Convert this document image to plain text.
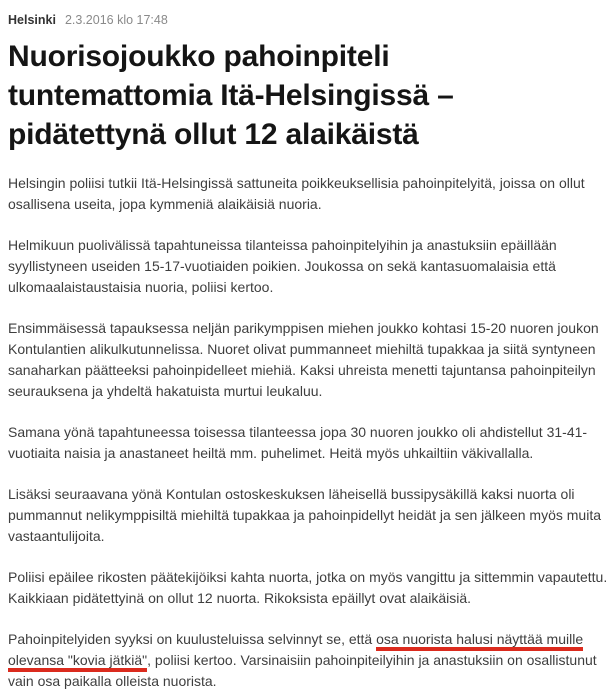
Helsinki 2.3.2016 klo 17:48
Nuorisojoukko pahoinpiteli tuntemattomia Itä-Helsingissä – pidätettynä ollut 12 alaikäistä

Helsingin poliisi tutkii Itä-Helsingissä sattuneita poikkeuksellisia pahoinpitelyitä, joissa on ollut osallisena useita, jopa kymmeniä alaikäisiä nuoria.

Helmikuun puolivälissä tapahtuneissa tilanteissa pahoinpitelyihin ja anastuksiin epäillään syyllistyneen useiden 15-17-vuotiaiden poikien. Joukossa on sekä kantasuomalaisia että ulkomaalaistaustaisia nuoria, poliisi kertoo.

Ensimmäisessä tapauksessa neljän parikymppisen miehen joukko kohtasi 15-20 nuoren joukon Kontulantien alikulkutunnelissa. Nuoret olivat pummanneet miehiltä tupakkaa ja siitä syntyneen sanaharkan päätteeksi pahoinpidelleet miehiä. Kaksi uhreista menetti tajuntansa pahoinpiteilyn seurauksena ja yhdeltä hakatuista murtui leukaluu.

Samana yönä tapahtuneessa toisessa tilanteessa jopa 30 nuoren joukko oli ahdistellut 31-41-vuotiaita naisia ja anastaneet heiltä mm. puhelimet. Heitä myös uhkailtiin väkivallalla.

Lisäksi seuraavana yönä Kontulan ostoskeskuksen läheisellä bussipysäkillä kaksi nuorta oli pummannut nelikymppisiltä miehiltä tupakkaa ja pahoinpidellyt heidät ja sen jälkeen myös muita vastaantulijoita.

Poliisi epäilee rikosten päätekijöiksi kahta nuorta, jotka on myös vangittu ja sittemmin vapautettu. Kaikkiaan pidätettyinä on ollut 12 nuorta. Rikoksista epäillyt ovat alaikäisiä.

Pahoinpitelyiden syyksi on kuulusteluissa selvinnyt se, että osa nuorista halusi näyttää muille olevansa "kovia jätkiä", poliisi kertoo. Varsinaisiin pahoinpiteilyihin ja anastuksiin on osallistunut vain osa paikalla olleista nuorista.
